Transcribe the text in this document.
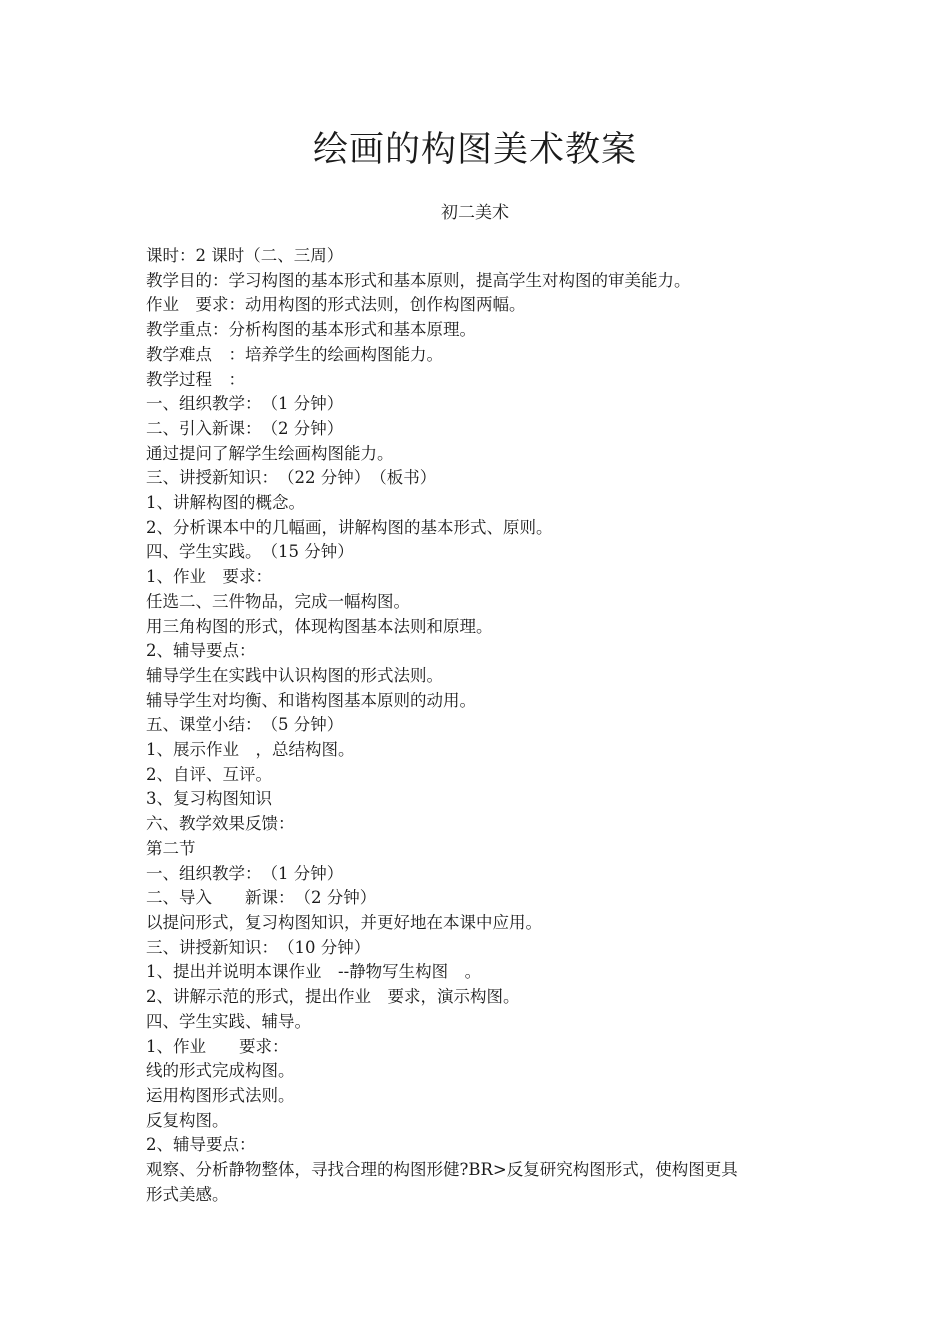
绘画的构图美术教案
初二美术
课时：2 课时（二、三周）
教学目的：学习构图的基本形式和基本原则，提高学生对构图的审美能力。
作业　要求：动用构图的形式法则，创作构图两幅。
教学重点：分析构图的基本形式和基本原理。
教学难点　：培养学生的绘画构图能力。
教学过程　：
一、组织教学：　（1 分钟）
二、引入新课：　（2 分钟）
通过提问了解学生绘画构图能力。
三、讲授新知识：　（22 分钟）　（板书）
1、讲解构图的概念。
2、分析课本中的几幅画，讲解构图的基本形式、原则。
四、学生实践。　（15 分钟）
1、作业　要求：
任选二、三件物品，完成一幅构图。
用三角构图的形式，体现构图基本法则和原理。
2、辅导要点：
辅导学生在实践中认识构图的形式法则。
辅导学生对均衡、和谐构图基本原则的动用。
五、课堂小结：　（5 分钟）
1、展示作业　，总结构图。
2、自评、互评。
3、复习构图知识
六、教学效果反馈：
第二节
一、组织教学：　（1 分钟）
二、导入　　新课：　（2 分钟）
以提问形式，复习构图知识，并更好地在本课中应用。
三、讲授新知识：　（10 分钟）
1、提出并说明本课作业　--静物写生构图　。
2、讲解示范的形式，提出作业　要求，演示构图。
四、学生实践、辅导。
1、作业　　要求：
线的形式完成构图。
运用构图形式法则。
反复构图。
2、辅导要点：
观察、分析静物整体，寻找合理的构图形健?BR>反复研究构图形式，使构图更具
形式美感。
